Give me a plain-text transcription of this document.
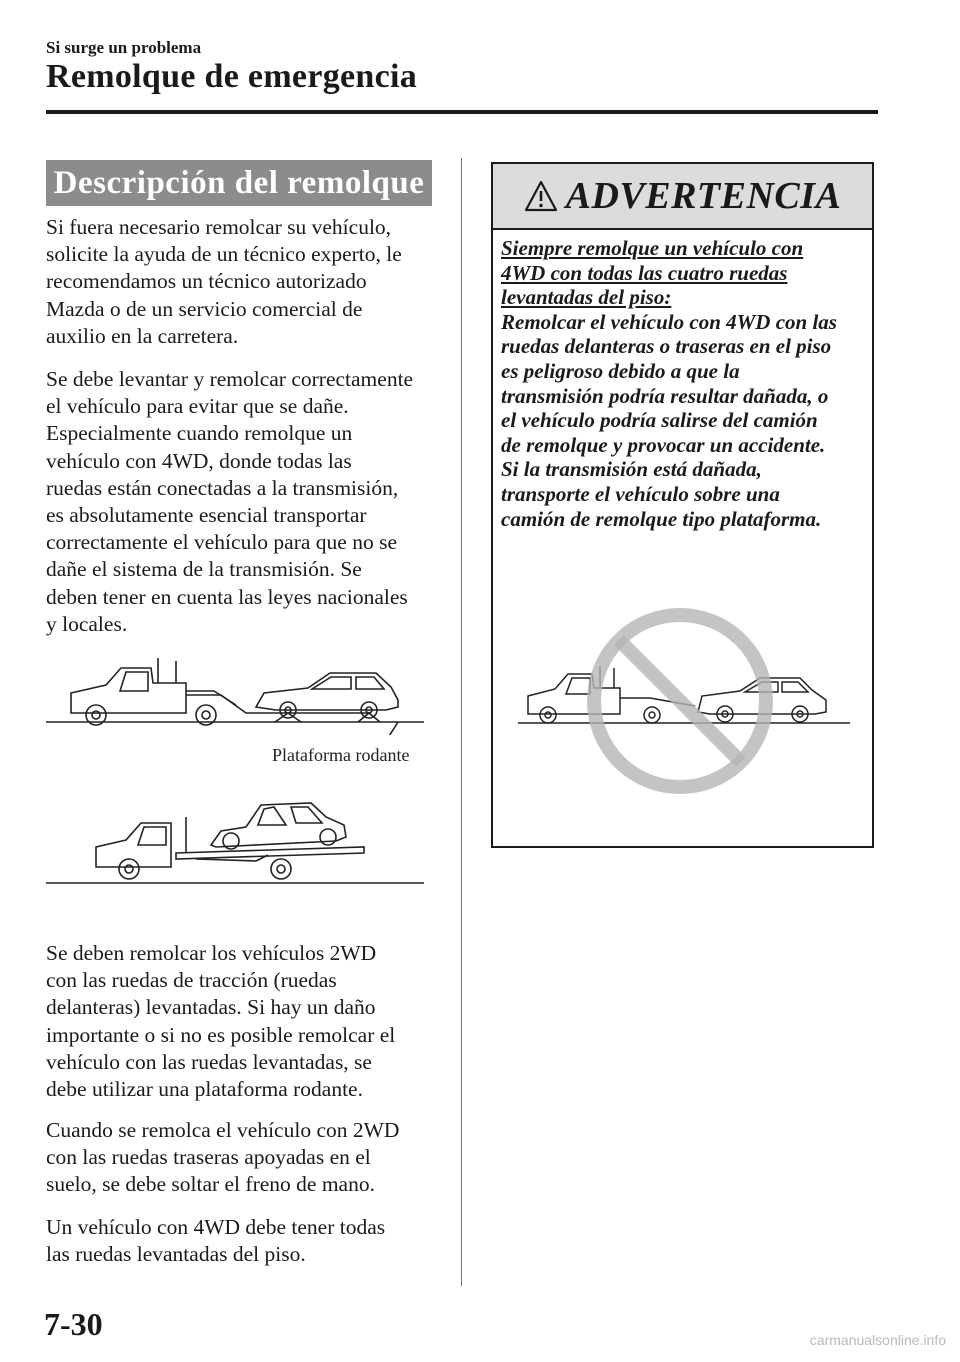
Si surge un problema
Remolque de emergencia
Descripción del remolque

Si fuera necesario remolcar su vehículo,

solicite la ayuda de un técnico experto, le

recomendamos un técnico autorizado

Mazda o de un servicio comercial de

auxilio en la carretera.

Se debe levantar y remolcar correctamente

el vehículo para evitar que se dañe.

Especialmente cuando remolque un

vehículo con 4WD, donde todas las

ruedas están conectadas a la transmisión,

es absolutamente esencial transportar

correctamente el vehículo para que no se

dañe el sistema de la transmisión. Se

deben tener en cuenta las leyes nacionales

y locales.

Plataforma rodante

Se deben remolcar los vehículos 2WD

con las ruedas de tracción (ruedas

delanteras) levantadas. Si hay un daño

importante o si no es posible remolcar el

vehículo con las ruedas levantadas, se

debe utilizar una plataforma rodante.

Cuando se remolca el vehículo con 2WD

con las ruedas traseras apoyadas en el

suelo, se debe soltar el freno de mano.

Un vehículo con 4WD debe tener todas

las ruedas levantadas del piso.

ADVERTENCIA
Siempre remolque un vehículo con
4WD con todas las cuatro ruedas
levantadas del piso:
Remolcar el vehículo con 4WD con las
ruedas delanteras o traseras en el piso
es peligroso debido a que la
transmisión podría resultar dañada, o
el vehículo podría salirse del camión
de remolque y provocar un accidente.
Si la transmisión está dañada,
transporte el vehículo sobre una
camión de remolque tipo plataforma.
7-30	carmanualsonline.info
